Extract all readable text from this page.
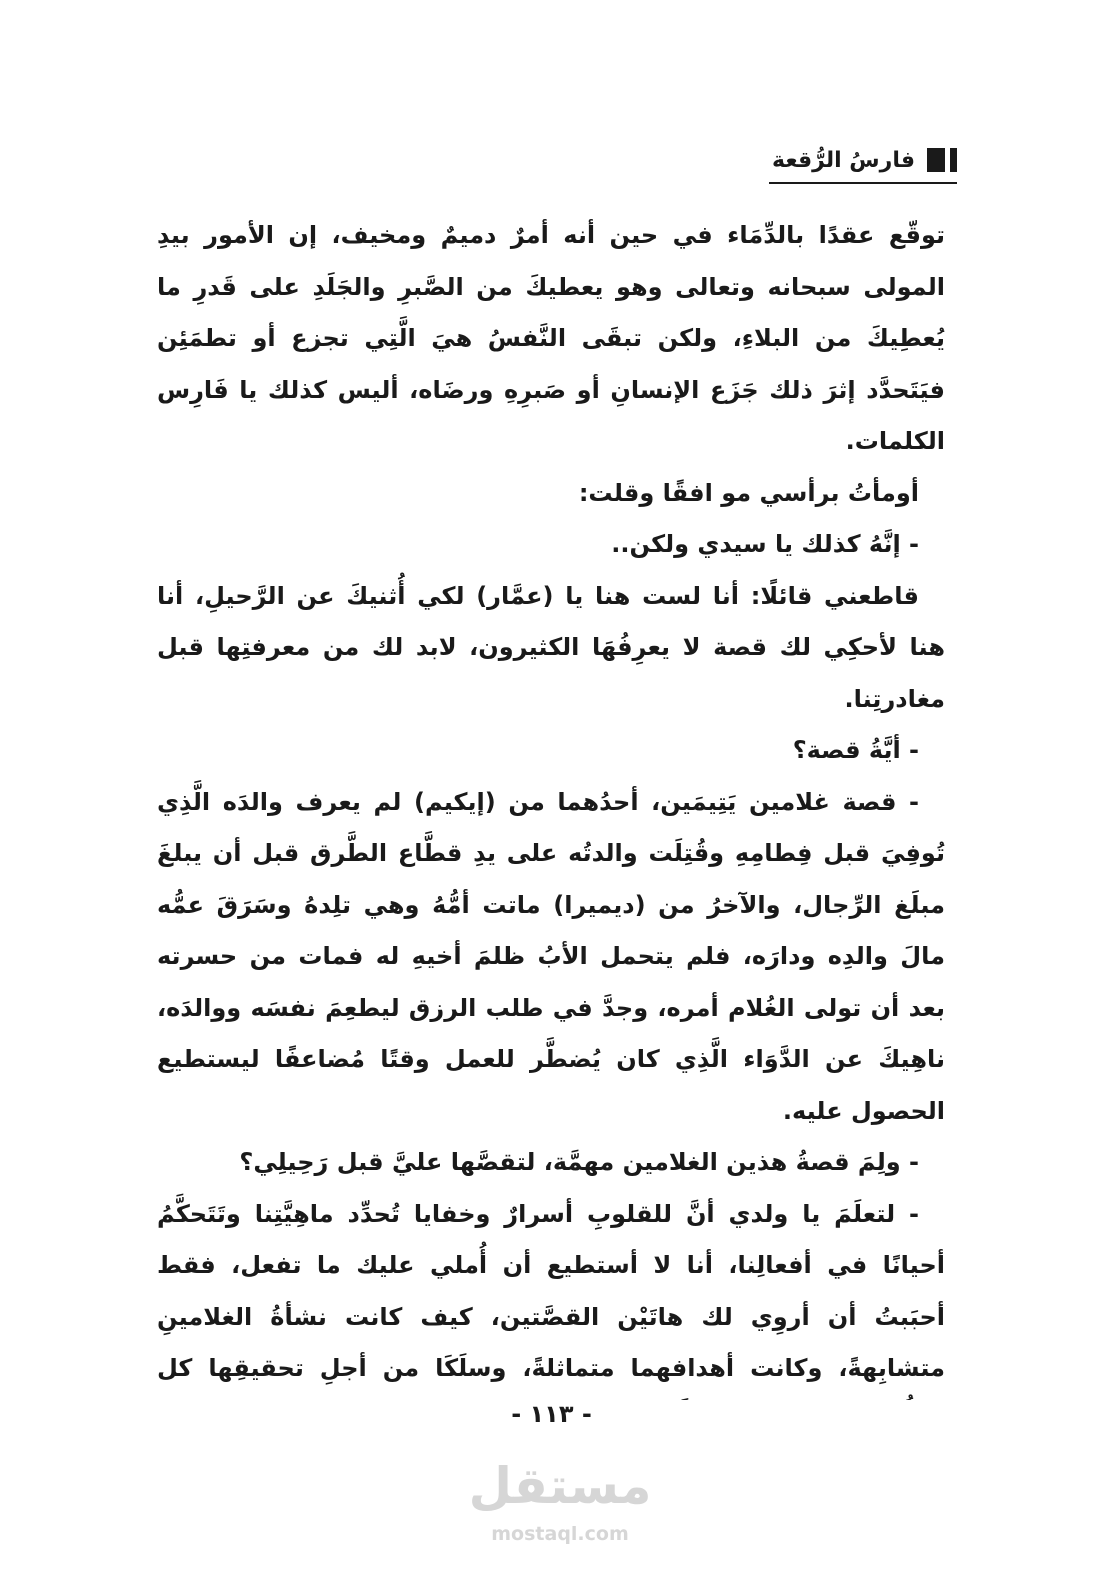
فارسُ الرُّقعة

توقّع عقدًا بالدِّمَاء في حين أنه أمرٌ دميمٌ ومخيف، إن الأمور بيدِ المولى سبحانه وتعالى وهو يعطيكَ من الصَّبرِ والجَلَدِ على قَدرِ ما يُعطِيكَ من البلاءِ، ولكن تبقَى النَّفسُ هيَ الَّتِي تجزع أو تطمَئِن فيَتَحدَّد إثرَ ذلك جَزَع الإنسانِ أو صَبرِهِ ورضَاه، أليس كذلك يا فَارِس الكلمات.

أومأتُ برأسي مو افقًا وقلت:

- إنَّهُ كذلك يا سيدي ولكن..

قاطعني قائلًا: أنا لست هنا يا (عمَّار) لكي أُثنيكَ عن الرَّحيلِ، أنا هنا لأحكِي لك قصة لا يعرِفُهَا الكثيرون، لابد لك من معرفتِها قبل مغادرتِنا.

- أيَّةُ قصة؟

- قصة غلامين يَتِيمَين، أحدُهما من (إيكيم) لم يعرف والدَه الَّذِي تُوفِيَ قبل فِطامِهِ وقُتِلَت والدتُه على يدِ قطَّاع الطَّرق قبل أن يبلغَ مبلَغ الرِّجال، والآخرُ من (ديميرا) ماتت أمُّهُ وهي تلِدهُ وسَرَقَ عمُّه مالَ والدِه ودارَه، فلم يتحمل الأبُ ظلمَ أخيهِ له فمات من حسرته بعد أن تولى الغُلام أمره، وجدَّ في طلب الرزق ليطعِمَ نفسَه ووالدَه، ناهِيكَ عن الدَّوَاء الَّذِي كان يُضطَّر للعمل وقتًا مُضاعفًا ليستطيع الحصول عليه.

- ولِمَ قصةُ هذين الغلامين مهمَّة، لتقصَّها عليَّ قبل رَحِيلِي؟

- لتعلَمَ يا ولدي أنَّ للقلوبِ أسرارٌ وخفايا تُحدِّد ماهِيَّتِنا وتَتَحكَّمُ أحيانًا في أفعالِنا، أنا لا أستطيع أن أُملي عليك ما تفعل، فقط أحبَبتُ أن أروِي لك هاتَيْن القصَّتين، كيف كانت نشأةُ الغلامينِ متشابِهةً، وكانت أهدافهما متماثلةً، وسلَكَا من أجلِ تحقيقِها كل

- ١١٣ -
مستقل
mostaql.com
